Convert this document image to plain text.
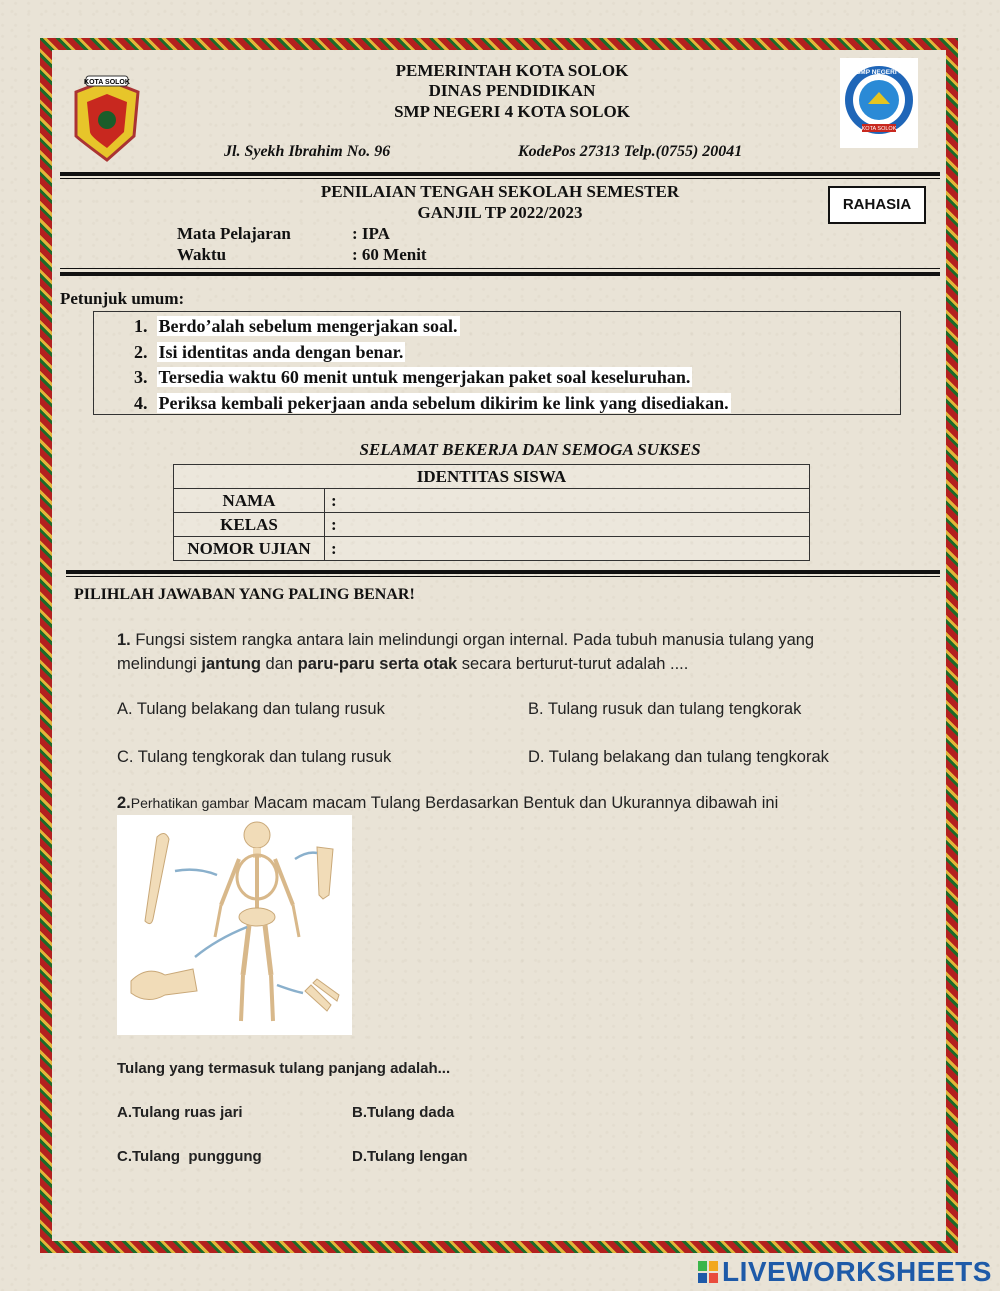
KOTA SOLOK
SMP NEGERI 4
KOTA SOLOK
PEMERINTAH KOTA SOLOK
DINAS PENDIDIKAN
SMP NEGERI 4 KOTA SOLOK
Jl. Syekh Ibrahim No. 96	KodePos 27313 Telp.(0755) 20041
PENILAIAN TENGAH SEKOLAH SEMESTER
GANJIL TP 2022/2023	RAHASIA
Mata Pelajaran	: IPA
Waktu	: 60 Menit
Petunjuk umum:
1. Berdo’alah sebelum mengerjakan soal.
2. Isi identitas anda dengan benar.
3. Tersedia waktu 60 menit untuk mengerjakan paket soal keseluruhan.
4. Periksa kembali pekerjaan anda sebelum dikirim ke link yang disediakan.
SELAMAT BEKERJA DAN SEMOGA SUKSES
IDENTITAS SISWA	
NAMA	:
KELAS	:
NOMOR UJIAN	:
PILIHLAH JAWABAN YANG PALING BENAR!
1. Fungsi sistem rangka antara lain melindungi organ internal. Pada tubuh manusia tulang yang
melindungi jantung dan paru-paru serta otak secara berturut-turut adalah ....
A. Tulang belakang dan tulang rusuk	B. Tulang rusuk dan tulang tengkorak
C. Tulang tengkorak dan tulang rusuk	D. Tulang belakang dan tulang tengkorak
2.Perhatikan gambar Macam macam Tulang Berdasarkan Bentuk dan Ukurannya dibawah ini
Tulang yang termasuk tulang panjang adalah...
A.Tulang ruas jari	B.Tulang dada
C.Tulang  punggung	D.Tulang lengan
LIVEWORKSHEETS
